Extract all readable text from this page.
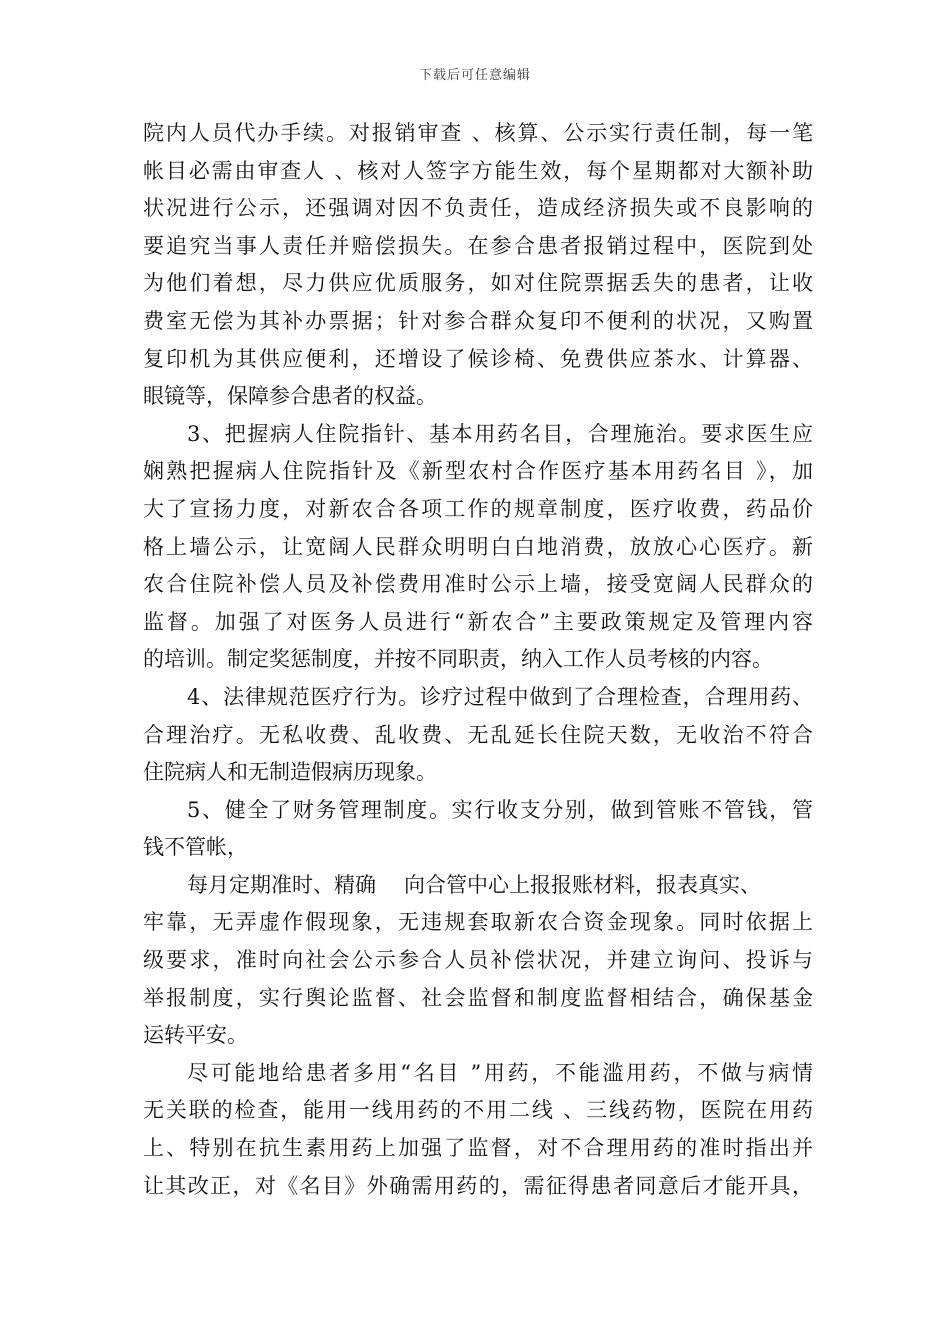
下载后可任意编辑
院内人员代办手续。对报销审查 、核算、公示实行责任制，每一笔
帐目必需由审查人 、核对人签字方能生效，每个星期都对大额补助
状况进行公示，还强调对因不负责任，造成经济损失或不良影响的
要追究当事人责任并赔偿损失。在参合患者报销过程中，医院到处
为他们着想，尽力供应优质服务，如对住院票据丢失的患者，让收
费室无偿为其补办票据；针对参合群众复印不便利的状况，又购置
复印机为其供应便利，还增设了候诊椅、免费供应茶水、计算器、
眼镜等，保障参合患者的权益。
3、把握病人住院指针、基本用药名目，合理施治。要求医生应
娴熟把握病人住院指针及《新型农村合作医疗基本用药名目 》，加
大了宣扬力度，对新农合各项工作的规章制度，医疗收费，药品价
格上墙公示，让宽阔人民群众明明白白地消费，放放心心医疗。新
农合住院补偿人员及补偿费用准时公示上墙，接受宽阔人民群众的
监督。加强了对医务人员进行“新农合”主要政策规定及管理内容
的培训。制定奖惩制度，并按不同职责，纳入工作人员考核的内容。
4、法律规范医疗行为。诊疗过程中做到了合理检查，合理用药、
合理治疗。无私收费、乱收费、无乱延长住院天数，无收治不符合
住院病人和无制造假病历现象。
5、健全了财务管理制度。实行收支分别，做到管账不管钱，管
钱不管帐，
每月定期准时、精确 向合管中心上报报账材料，报表真实、
牢靠，无弄虚作假现象，无违规套取新农合资金现象。同时依据上
级要求，准时向社会公示参合人员补偿状况，并建立询问、投诉与
举报制度，实行舆论监督、社会监督和制度监督相结合，确保基金
运转平安。
尽可能地给患者多用“名目 ”用药，不能滥用药，不做与病情
无关联的检查，能用一线用药的不用二线 、三线药物，医院在用药
上、特别在抗生素用药上加强了监督，对不合理用药的准时指出并
让其改正，对《名目》外确需用药的，需征得患者同意后才能开具，
